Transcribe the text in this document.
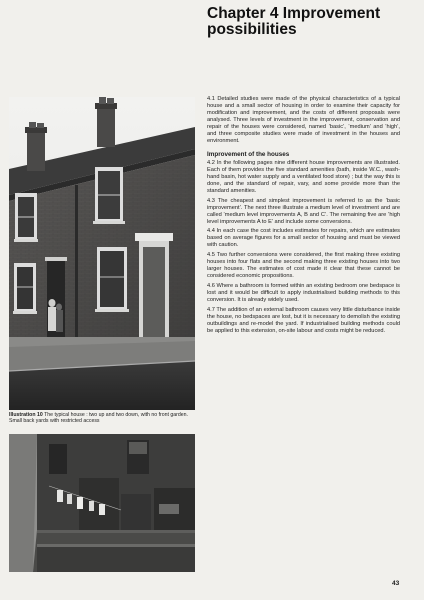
Chapter 4 Improvement
possibilities
Illustration 10 The typical house : two up and two down, with no front garden. Small back yards with restricted access

4.1 Detailed studies were made of the physical characteristics of a typical house and a small sector of housing in order to examine their capacity for modification and improvement, and the costs of different proposals were analysed. Three levels of investment in the improvement, conservation and repair of the houses were considered, named ‘basic’, ‘medium’ and ‘high’, and three composite studies were made of investment in the houses and environment.

Improvement of the houses

4.2 In the following pages nine different house improvements are illustrated. Each of them provides the five standard amenities (bath, inside W.C., wash-hand basin, hot water supply and a ventilated food store) ; but the way this is done, and the standard of repair, vary, and some provide more than the standard amenities.

4.3 The cheapest and simplest improvement is referred to as the ‘basic improvement’. The next three illustrate a medium level of investment and are called ‘medium level improvements A, B and C’. The remaining five are ‘high level improvements A to E’ and include some conversions.

4.4 In each case the cost includes estimates for repairs, which are estimates based on average figures for a small sector of housing and must be viewed with caution.

4.5 Two further conversions were considered, the first making three existing houses into four flats and the second making three existing houses into two larger houses. The estimates of cost made it clear that these cannot be considered economic propositions.

4.6 Where a bathroom is formed within an existing bedroom one bedspace is lost and it would be difficult to apply industrialised building methods to this conversion. It is already widely used.

4.7 The addition of an external bathroom causes very little disturbance inside the house, no bedspaces are lost, but it is necessary to demolish the existing outbuildings and re-model the yard. If industrialised building methods could be applied to this extension, on-site labour and costs might be reduced.

43
